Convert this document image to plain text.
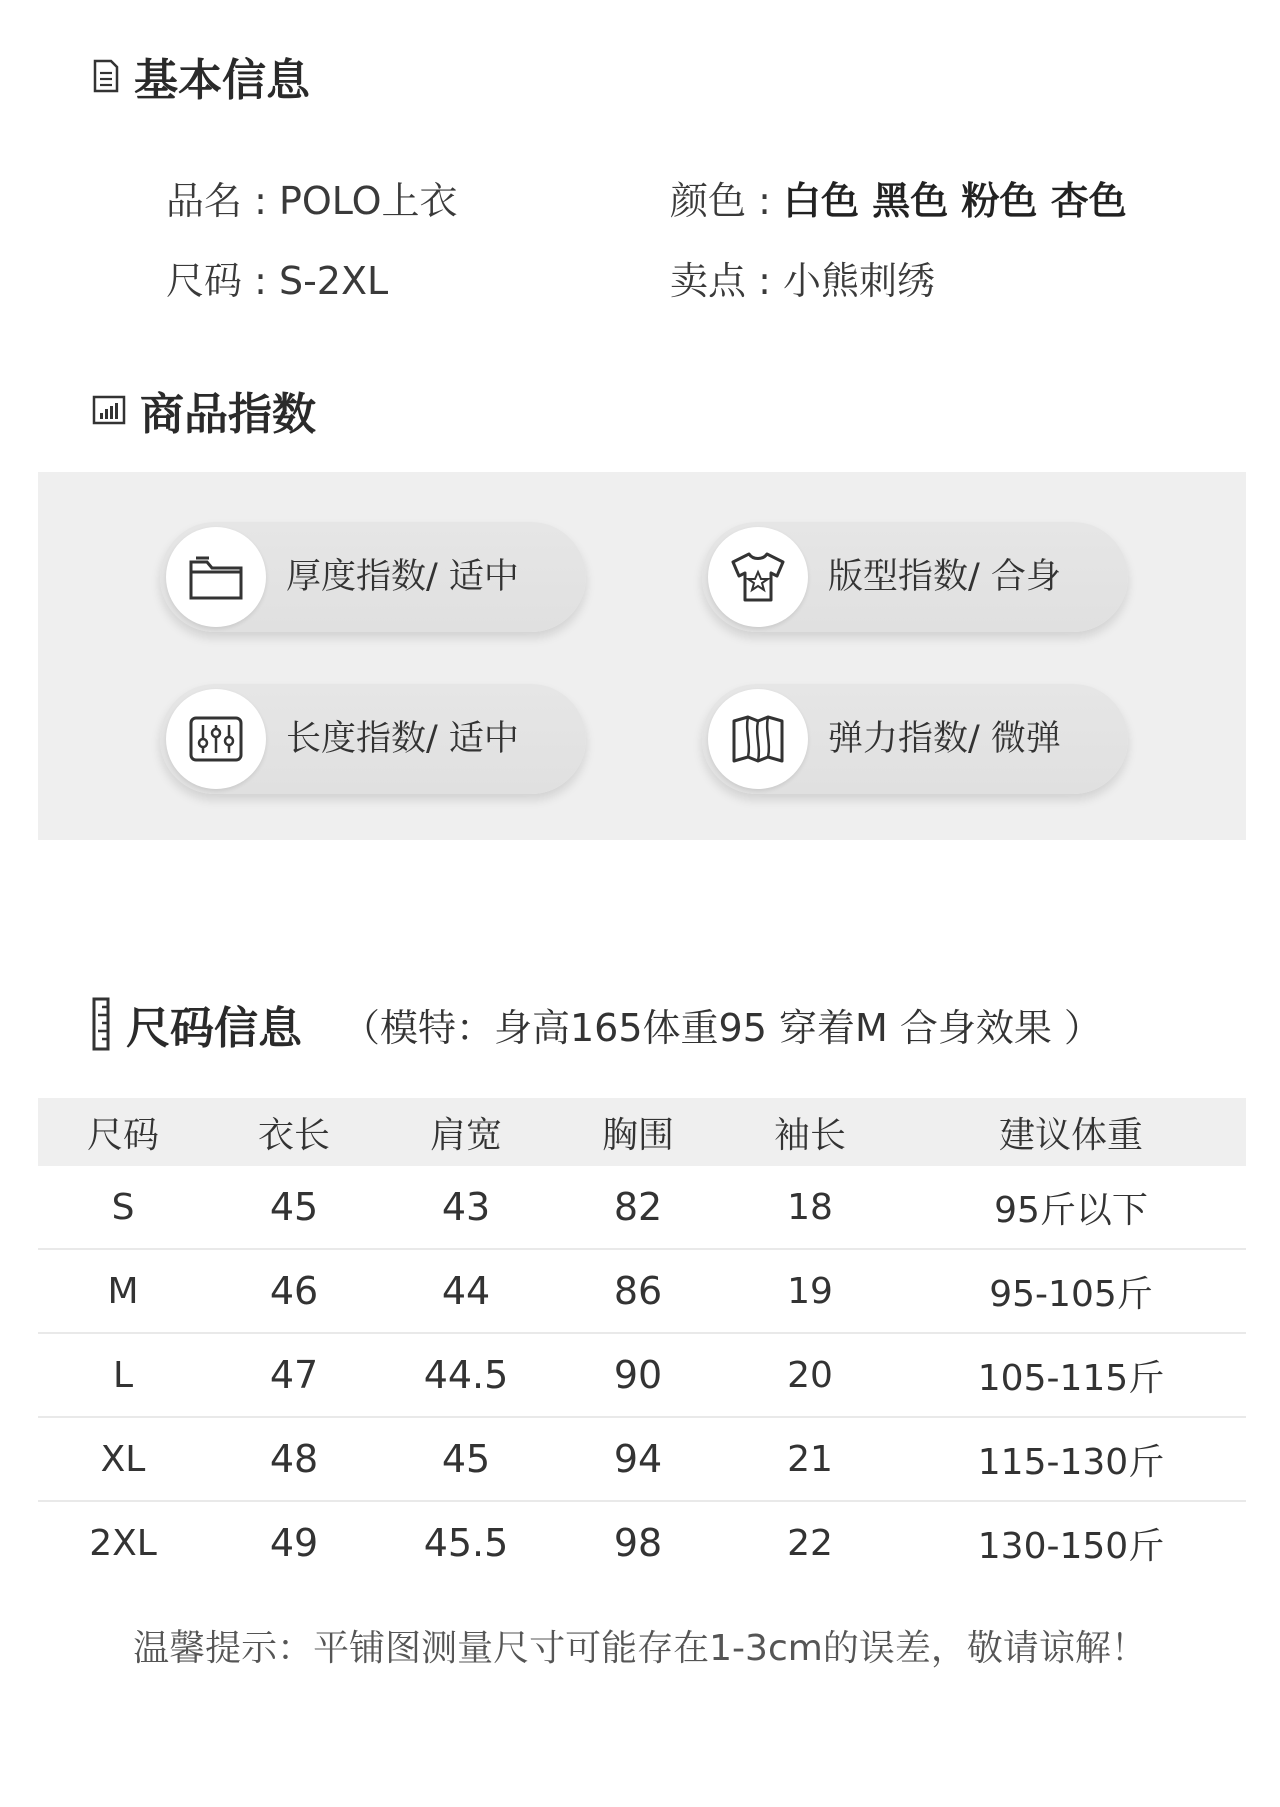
基本信息
品名 : POLO上衣
尺码 : S-2XL
颜色 : 白色 黑色 粉色 杏色
卖点 : 小熊刺绣
商品指数
厚度指数/ 适中	版型指数/ 合身
长度指数/ 适中	弹力指数/ 微弹
尺码信息 （模特：身高165体重95 穿着M 合身效果 ）
尺码	衣长	肩宽	胸围	袖长	建议体重
S	45	43	82	18	95斤以下
M	46	44	86	19	95-105斤
L	47	44.5	90	20	105-115斤
XL	48	45	94	21	115-130斤
2XL	49	45.5	98	22	130-150斤
温馨提示：平铺图测量尺寸可能存在1-3cm的误差，敬请谅解！
